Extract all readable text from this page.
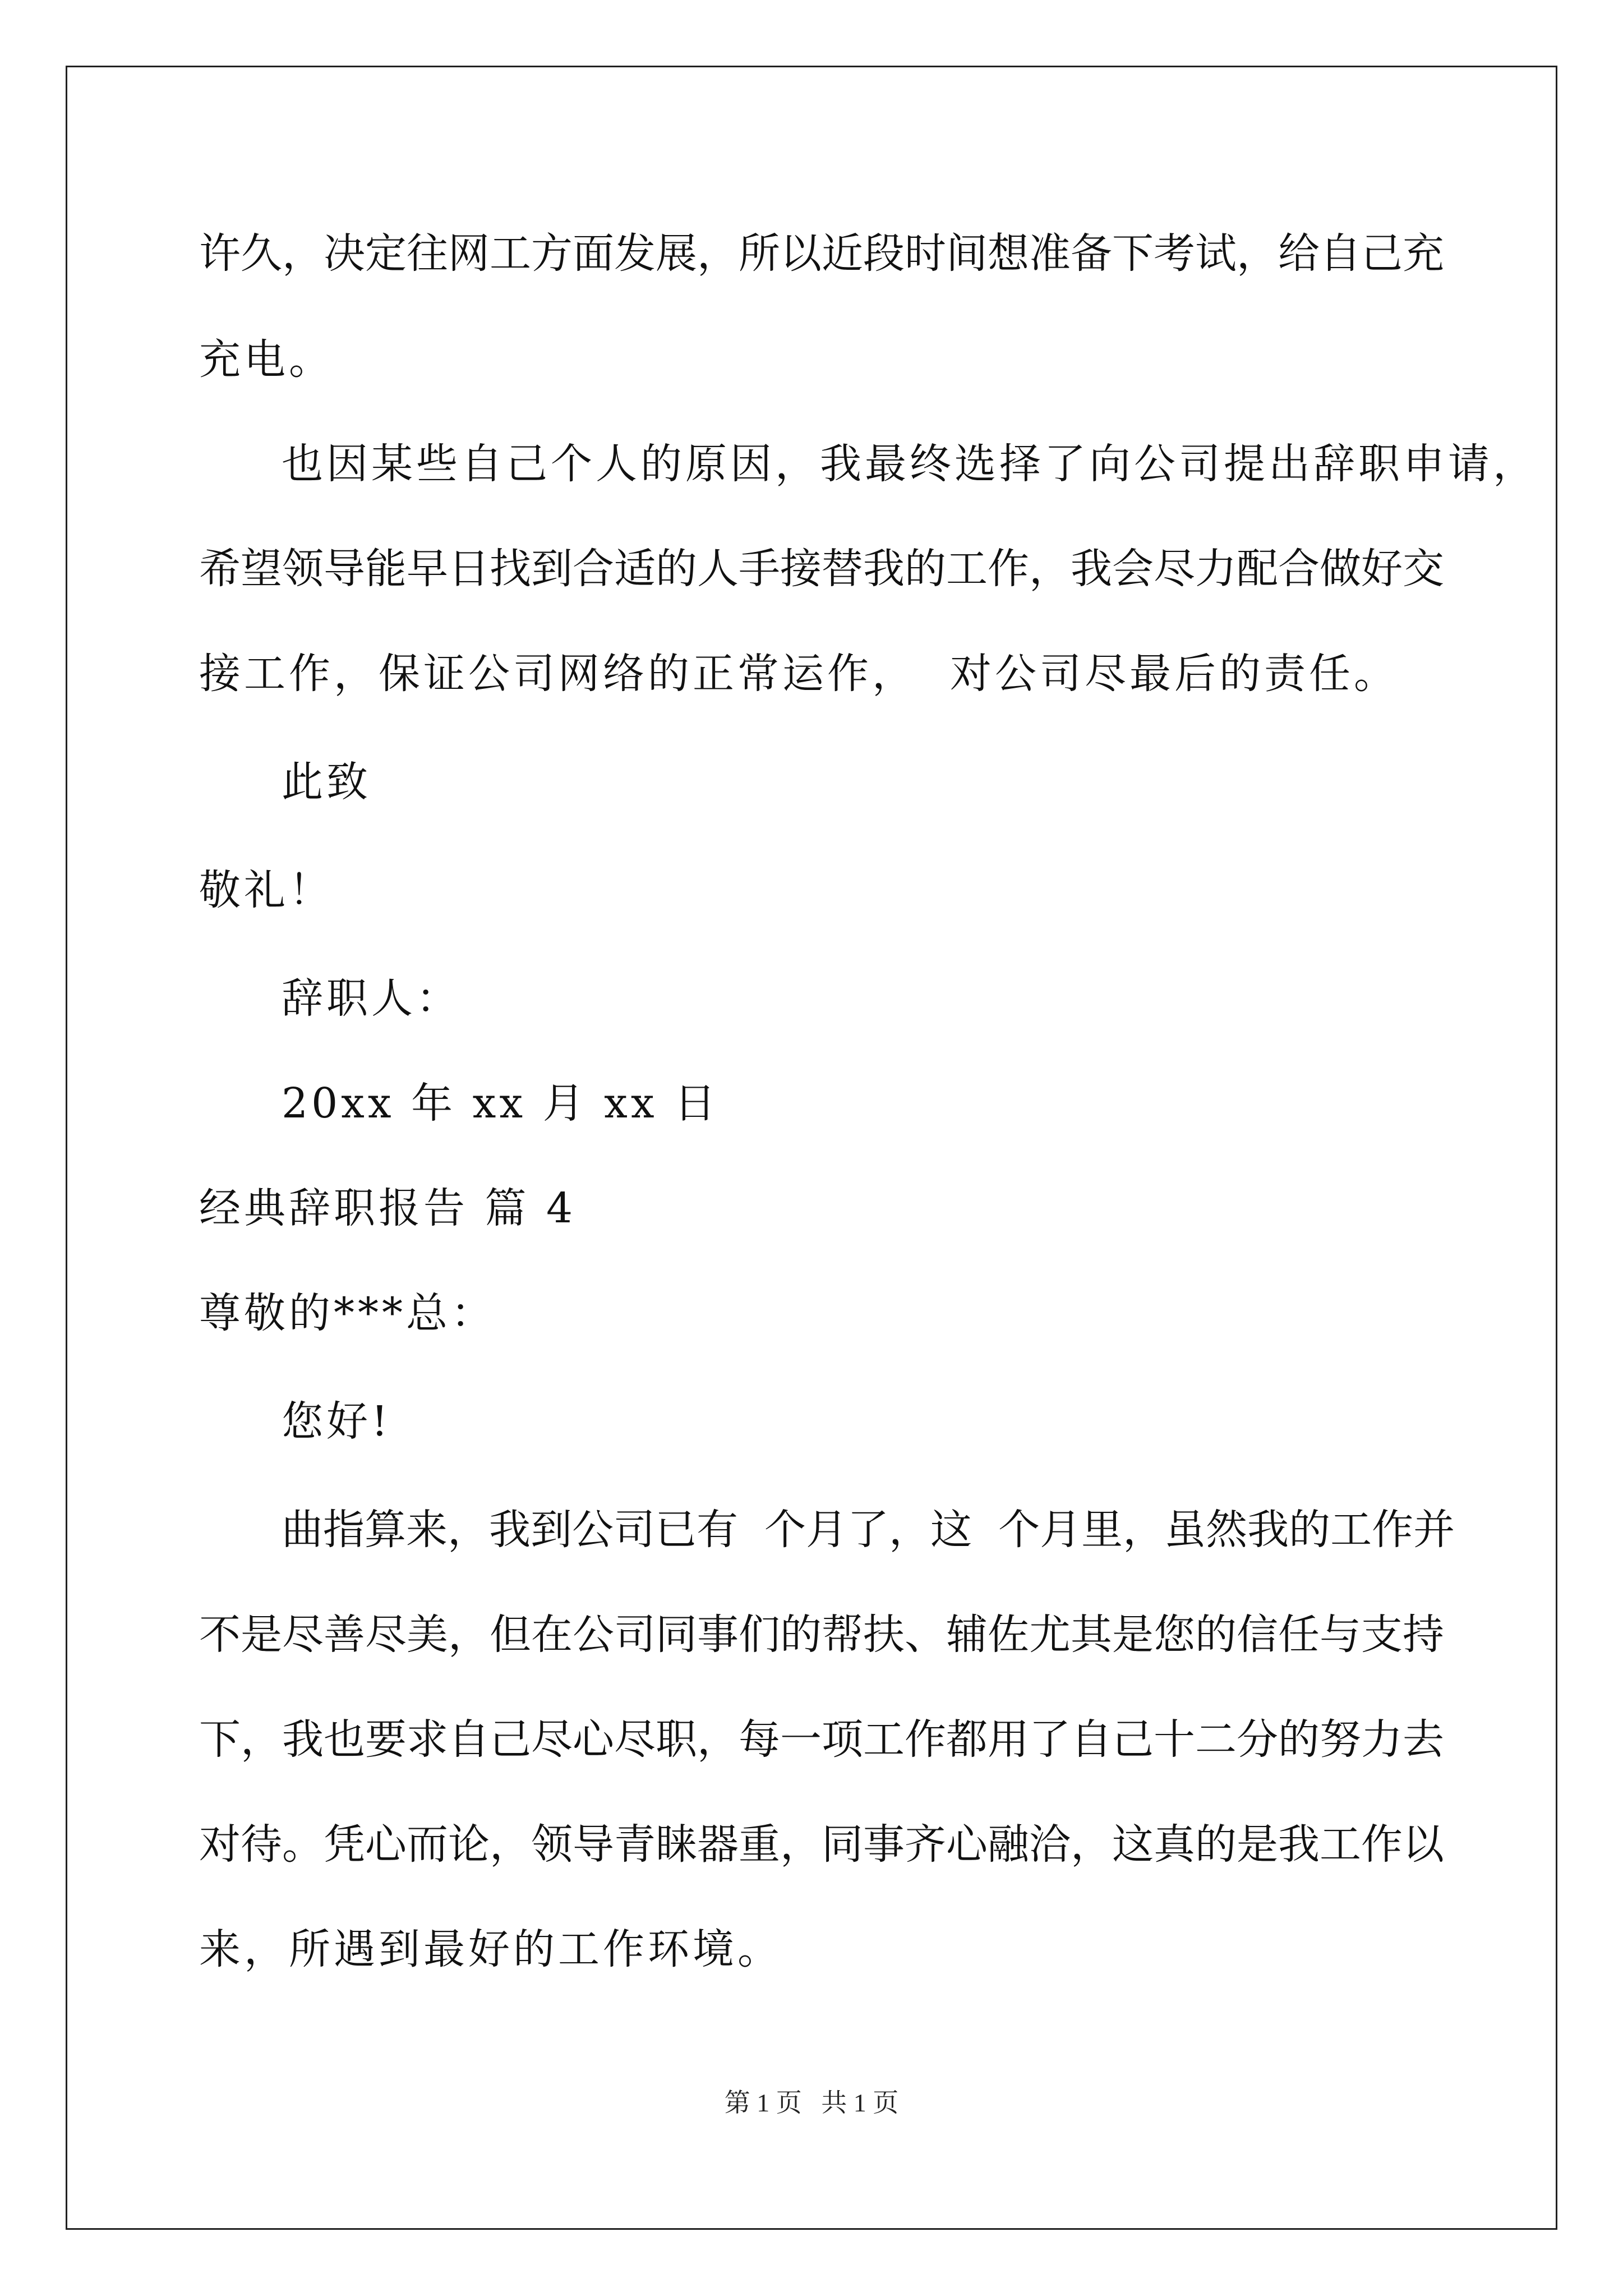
许久，决定往网工方面发展，所以近段时间想准备下考试，给自己充
充电。
也因某些自己个人的原因，我最终选择了向公司提出辞职申请，
希望领导能早日找到合适的人手接替我的工作，我会尽力配合做好交
接工作，保证公司网络的正常运作，  对公司尽最后的责任。
此致
敬礼！
辞职人：
20xx 年 xx 月 xx 日
经典辞职报告 篇 4
尊敬的***总：
您好!
曲指算来，我到公司已有  个月了，这  个月里，虽然我的工作并
不是尽善尽美，但在公司同事们的帮扶、辅佐尤其是您的信任与支持
下，我也要求自己尽心尽职，每一项工作都用了自己十二分的努力去
对待。凭心而论，领导青睐器重，同事齐心融洽，这真的是我工作以
来，所遇到最好的工作环境。
第 1 页   共 1 页
